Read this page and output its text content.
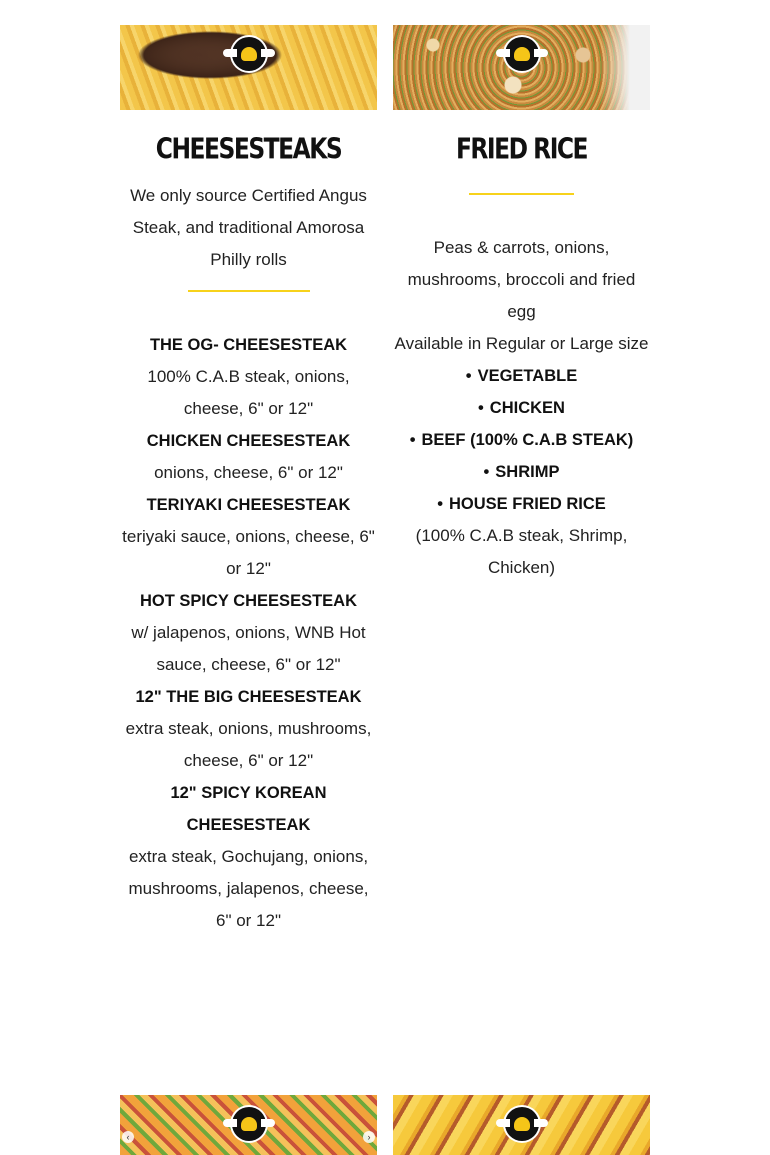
CHEESESTEAKS

We only source Certified Angus Steak, and traditional Amorosa Philly rolls

THE OG- CHEESESTEAK
100% C.A.B steak, onions, cheese, 6" or 12"
CHICKEN CHEESESTEAK
onions, cheese, 6" or 12"
TERIYAKI CHEESESTEAK
teriyaki sauce, onions, cheese, 6" or 12"
HOT SPICY CHEESESTEAK
w/ jalapenos, onions, WNB Hot sauce, cheese, 6" or 12"
12" THE BIG CHEESESTEAK
extra steak, onions, mushrooms, cheese, 6" or 12"
12" SPICY KOREAN CHEESESTEAK
extra steak, Gochujang, onions, mushrooms, jalapenos, cheese, 6" or 12"
FRIED RICE

Peas & carrots, onions, mushrooms, broccoli and fried egg

Available in Regular or Large size
• VEGETABLE
• CHICKEN
• BEEF (100% C.A.B STEAK)
• SHRIMP
• HOUSE FRIED RICE
(100% C.A.B steak, Shrimp, Chicken)
‹	›
